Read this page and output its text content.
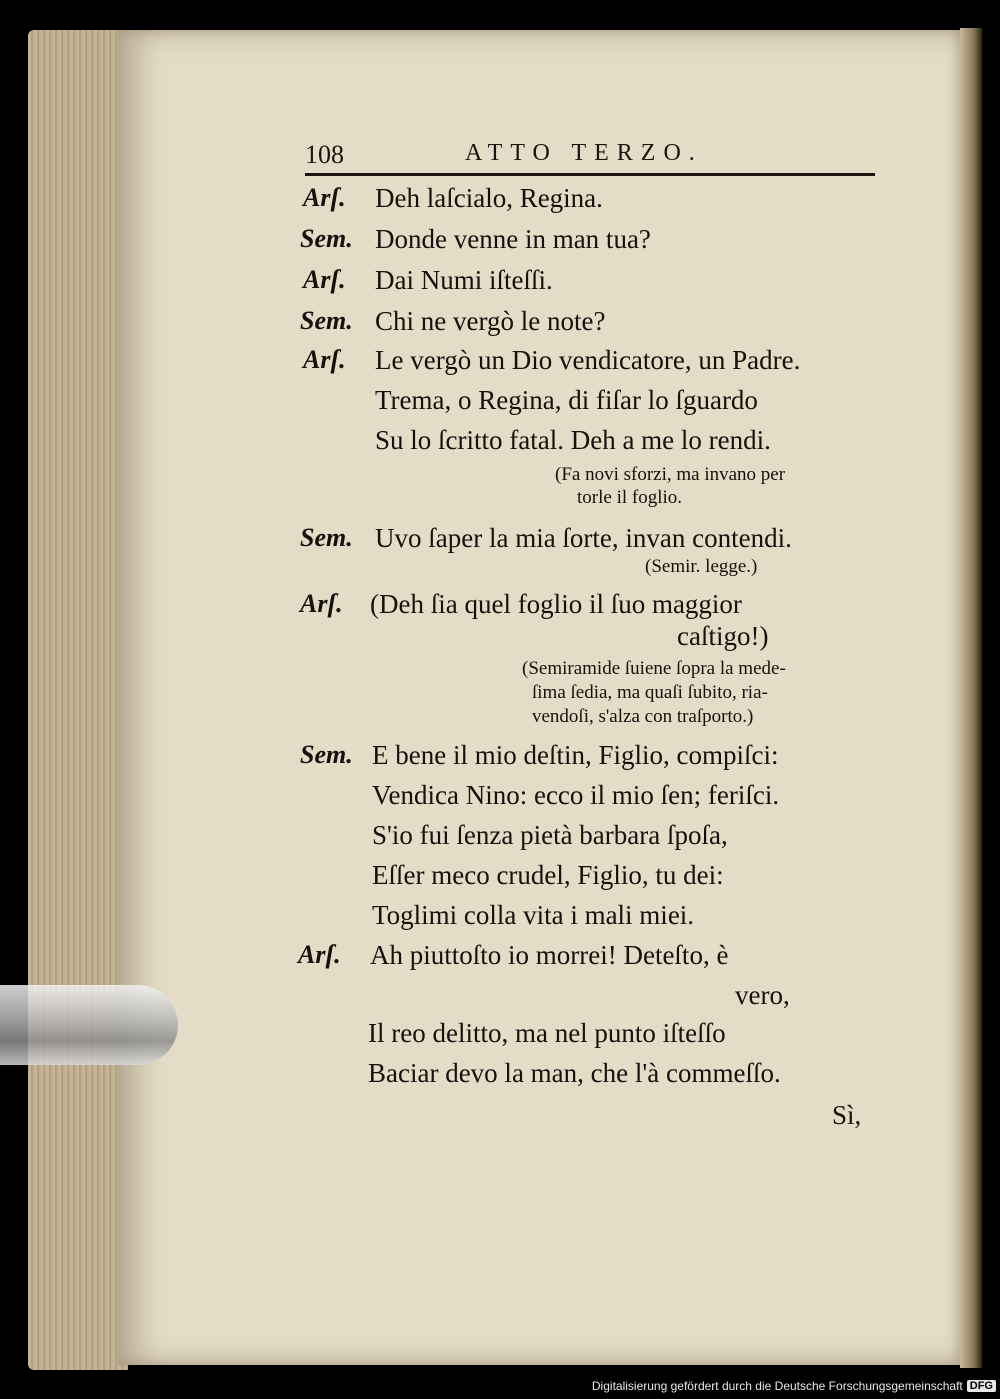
108	ATTO TERZO.
Arſ. Deh laſcialo, Regina.
Sem. Donde venne in man tua?
Arſ. Dai Numi iſteſſi.
Sem. Chi ne vergò le note?
Arſ. Le vergò un Dio vendicatore, un Padre.
Trema, o Regina, di fiſar lo ſguardo
Su lo ſcritto fatal. Deh a me lo rendi.
(Fa novi sforzi, ma invano per
torle il foglio.
Sem. Uvo ſaper la mia ſorte, invan contendi.
(Semir. legge.)
Arſ. (Deh ſia quel foglio il ſuo maggior
caſtigo!)
(Semiramide ſuiene ſopra la mede-
ſima ſedia, ma quaſi ſubito, ria-
vendoſi, s'alza con traſporto.)
Sem. E bene il mio deſtin, Figlio, compiſci:
Vendica Nino: ecco il mio ſen; feriſci.
S'io fui ſenza pietà barbara ſpoſa,
Eſſer meco crudel, Figlio, tu dei:
Toglimi colla vita i mali miei.
Arſ. Ah piuttoſto io morrei! Deteſto, è
vero,
Il reo delitto, ma nel punto iſteſſo
Baciar devo la man, che l'à commeſſo.
Sì,
Digitalisierung gefördert durch die Deutsche Forschungsgemeinschaft DFG
